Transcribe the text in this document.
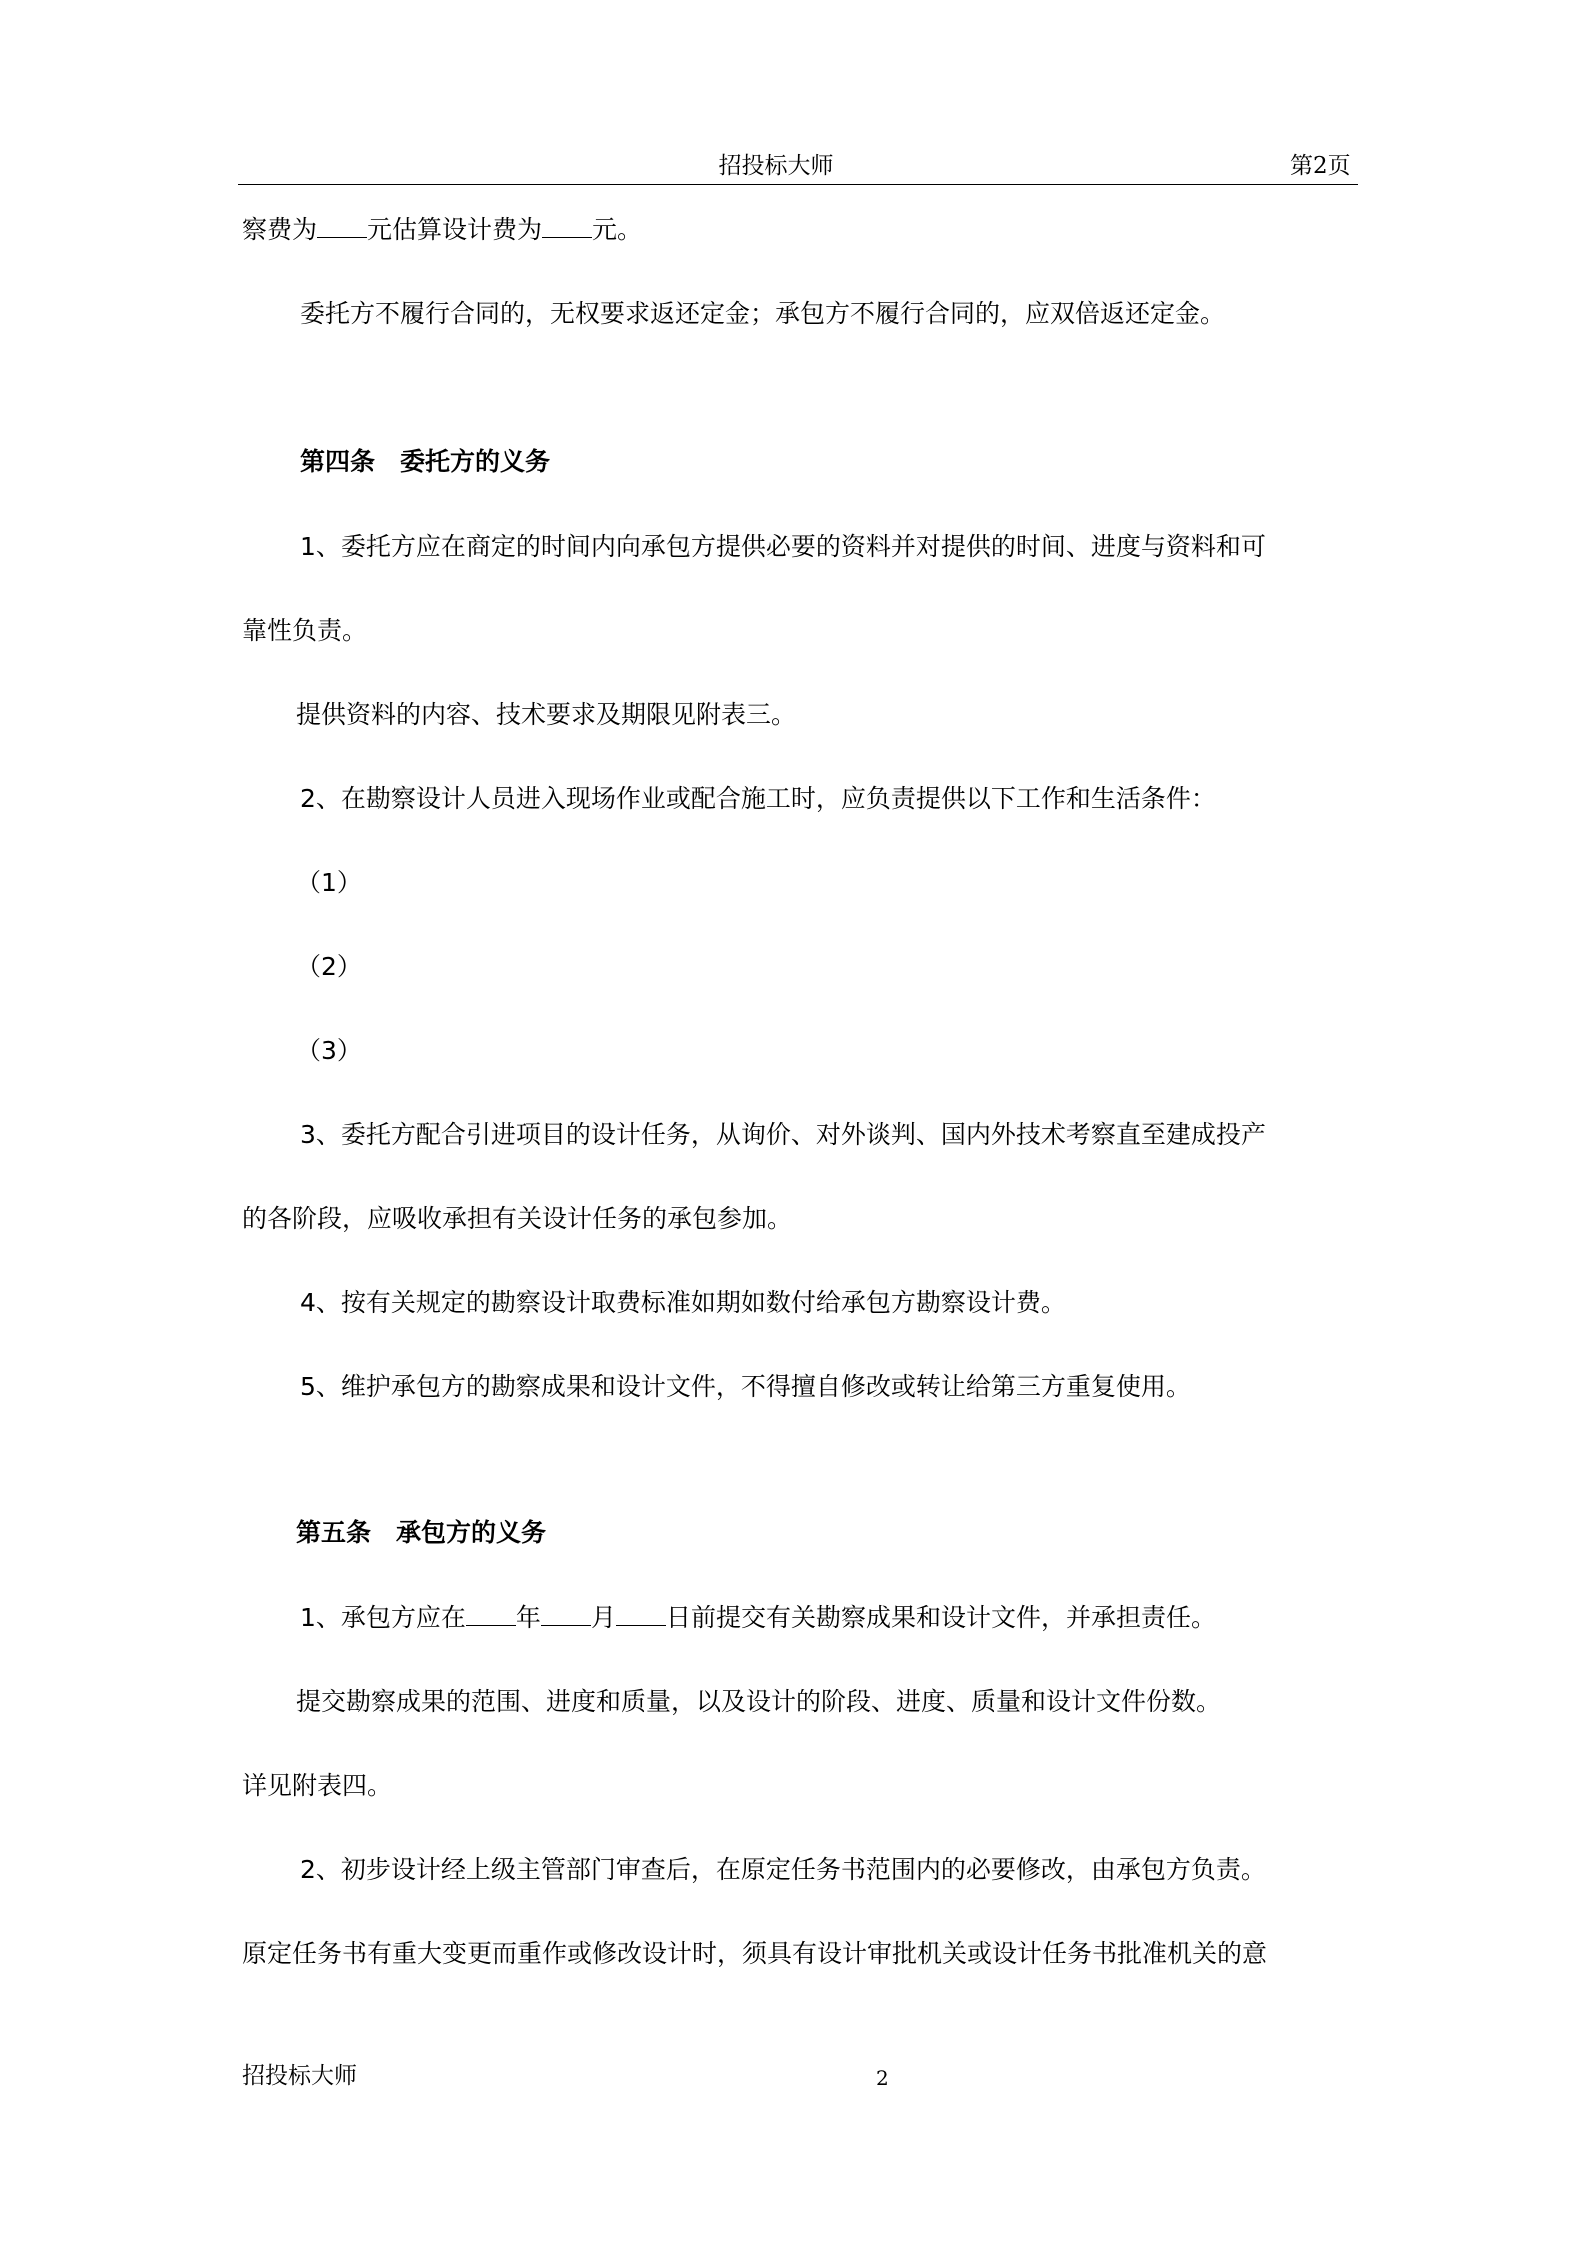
招投标大师	第2页
察费为 元估算设计费为 元。
委托方不履行合同的，无权要求返还定金；承包方不履行合同的，应双倍返还定金。
第四条　委托方的义务
1、委托方应在商定的时间内向承包方提供必要的资料并对提供的时间、进度与资料和可
靠性负责。
提供资料的内容、技术要求及期限见附表三。
2、在勘察设计人员进入现场作业或配合施工时，应负责提供以下工作和生活条件：
（1）
（2）
（3）
3、委托方配合引进项目的设计任务，从询价、对外谈判、国内外技术考察直至建成投产
的各阶段，应吸收承担有关设计任务的承包参加。
4、按有关规定的勘察设计取费标准如期如数付给承包方勘察设计费。
5、维护承包方的勘察成果和设计文件，不得擅自修改或转让给第三方重复使用。
第五条　承包方的义务
1、承包方应在 年 月 日前提交有关勘察成果和设计文件，并承担责任。
提交勘察成果的范围、进度和质量，以及设计的阶段、进度、质量和设计文件份数。
详见附表四。
2、初步设计经上级主管部门审查后，在原定任务书范围内的必要修改，由承包方负责。
原定任务书有重大变更而重作或修改设计时，须具有设计审批机关或设计任务书批准机关的意
招投标大师	2
